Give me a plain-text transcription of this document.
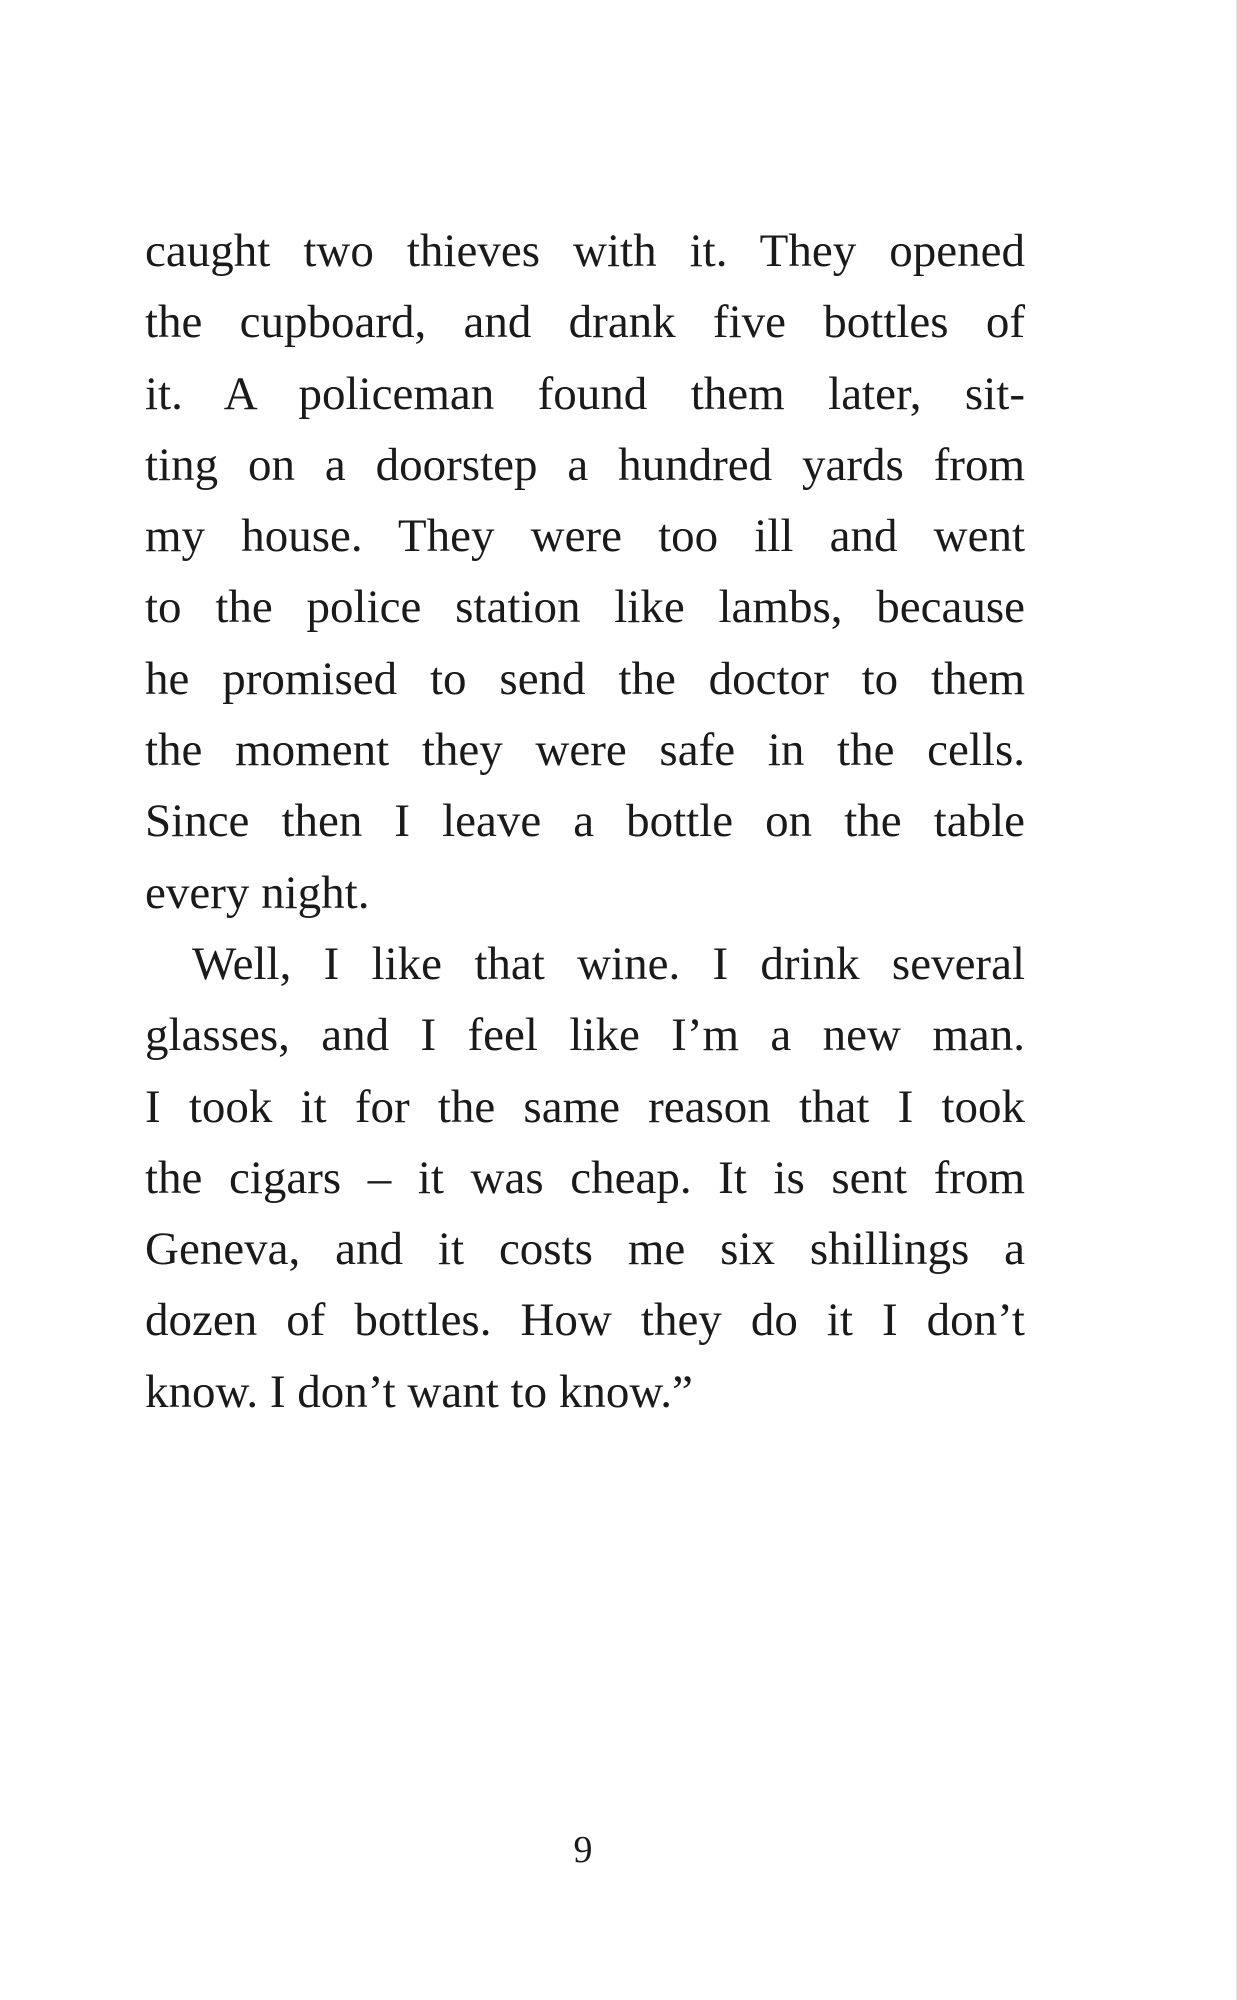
caught two thieves with it. They opened
the cupboard, and drank five bottles of
it. A policeman found them later, sit-
ting on a doorstep a hundred yards from
my house. They were too ill and went
to the police station like lambs, because
he promised to send the doctor to them
the moment they were safe in the cells.
Since then I leave a bottle on the table
every night.
Well, I like that wine. I drink several
glasses, and I feel like I’m a new man.
I took it for the same reason that I took
the cigars – it was cheap. It is sent from
Geneva, and it costs me six shillings a
dozen of bottles. How they do it I don’t
know. I don’t want to know.”
9
